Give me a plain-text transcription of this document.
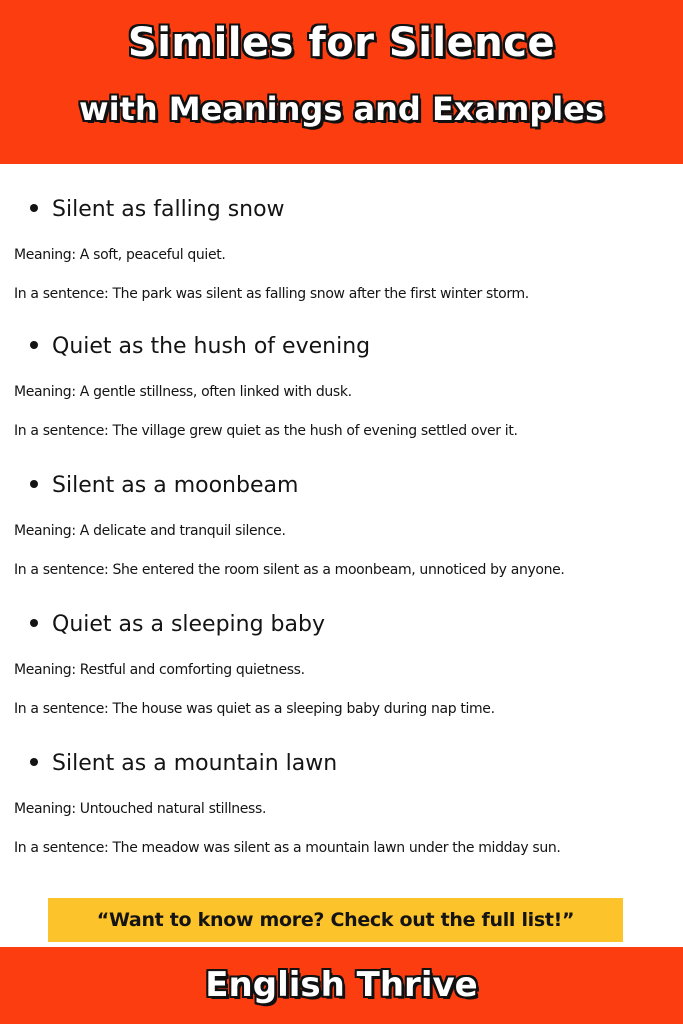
Similes for Silence
with Meanings and Examples
Silent as falling snow
Meaning: A soft, peaceful quiet.
In a sentence: The park was silent as falling snow after the first winter storm.
Quiet as the hush of evening
Meaning: A gentle stillness, often linked with dusk.
In a sentence: The village grew quiet as the hush of evening settled over it.
Silent as a moonbeam
Meaning: A delicate and tranquil silence.
In a sentence: She entered the room silent as a moonbeam, unnoticed by anyone.
Quiet as a sleeping baby
Meaning: Restful and comforting quietness.
In a sentence: The house was quiet as a sleeping baby during nap time.
Silent as a mountain lawn
Meaning: Untouched natural stillness.
In a sentence: The meadow was silent as a mountain lawn under the midday sun.
“Want to know more? Check out the full list!”
English Thrive
